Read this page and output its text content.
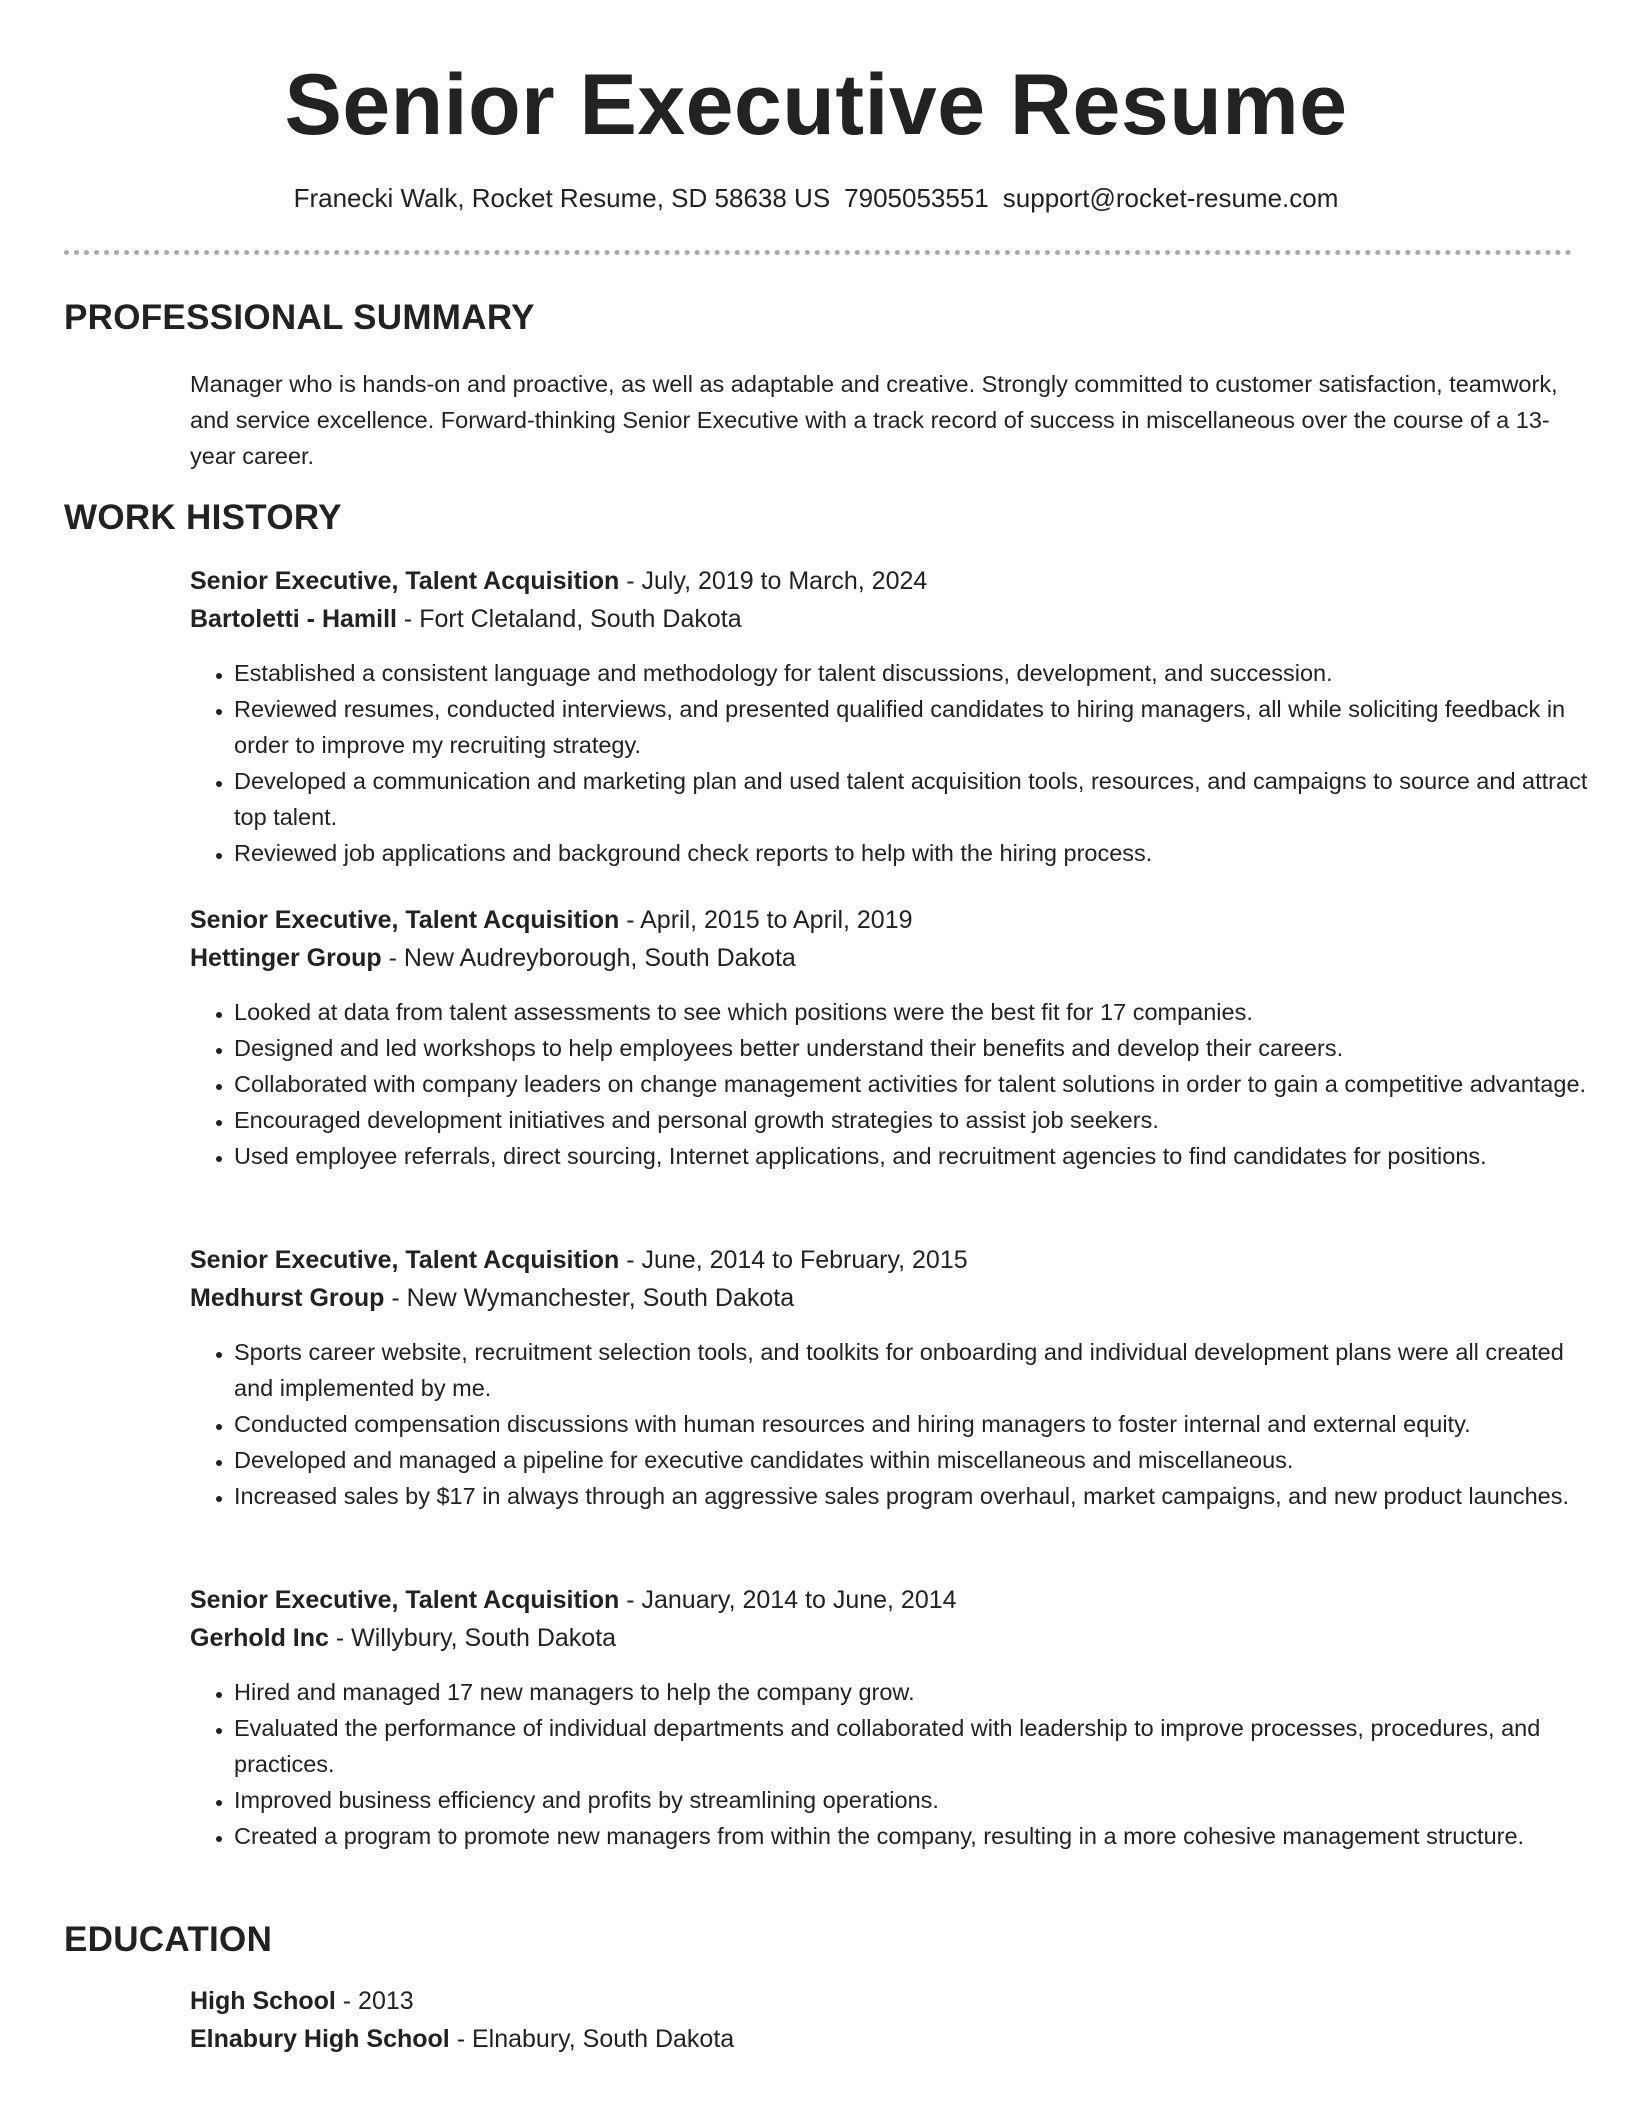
Senior Executive Resume
Franecki Walk, Rocket Resume, SD 58638 US 7905053551 support@rocket-resume.com
PROFESSIONAL SUMMARY

Manager who is hands-on and proactive, as well as adaptable and creative. Strongly committed to customer satisfaction, teamwork, and service excellence. Forward-thinking Senior Executive with a track record of success in miscellaneous over the course of a 13-year career.

WORK HISTORY

Senior Executive, Talent Acquisition - July, 2019 to March, 2024

Bartoletti - Hamill - Fort Cletaland, South Dakota

• Established a consistent language and methodology for talent discussions, development, and succession.
• Reviewed resumes, conducted interviews, and presented qualified candidates to hiring managers, all while soliciting feedback in order to improve my recruiting strategy.
• Developed a communication and marketing plan and used talent acquisition tools, resources, and campaigns to source and attract top talent.
• Reviewed job applications and background check reports to help with the hiring process.

Senior Executive, Talent Acquisition - April, 2015 to April, 2019

Hettinger Group - New Audreyborough, South Dakota

• Looked at data from talent assessments to see which positions were the best fit for 17 companies.
• Designed and led workshops to help employees better understand their benefits and develop their careers.
• Collaborated with company leaders on change management activities for talent solutions in order to gain a competitive advantage.
• Encouraged development initiatives and personal growth strategies to assist job seekers.
• Used employee referrals, direct sourcing, Internet applications, and recruitment agencies to find candidates for positions.

Senior Executive, Talent Acquisition - June, 2014 to February, 2015

Medhurst Group - New Wymanchester, South Dakota

• Sports career website, recruitment selection tools, and toolkits for onboarding and individual development plans were all created and implemented by me.
• Conducted compensation discussions with human resources and hiring managers to foster internal and external equity.
• Developed and managed a pipeline for executive candidates within miscellaneous and miscellaneous.
• Increased sales by $17 in always through an aggressive sales program overhaul, market campaigns, and new product launches.

Senior Executive, Talent Acquisition - January, 2014 to June, 2014

Gerhold Inc - Willybury, South Dakota

• Hired and managed 17 new managers to help the company grow.
• Evaluated the performance of individual departments and collaborated with leadership to improve processes, procedures, and practices.
• Improved business efficiency and profits by streamlining operations.
• Created a program to promote new managers from within the company, resulting in a more cohesive management structure.
EDUCATION

High School - 2013

Elnabury High School - Elnabury, South Dakota
